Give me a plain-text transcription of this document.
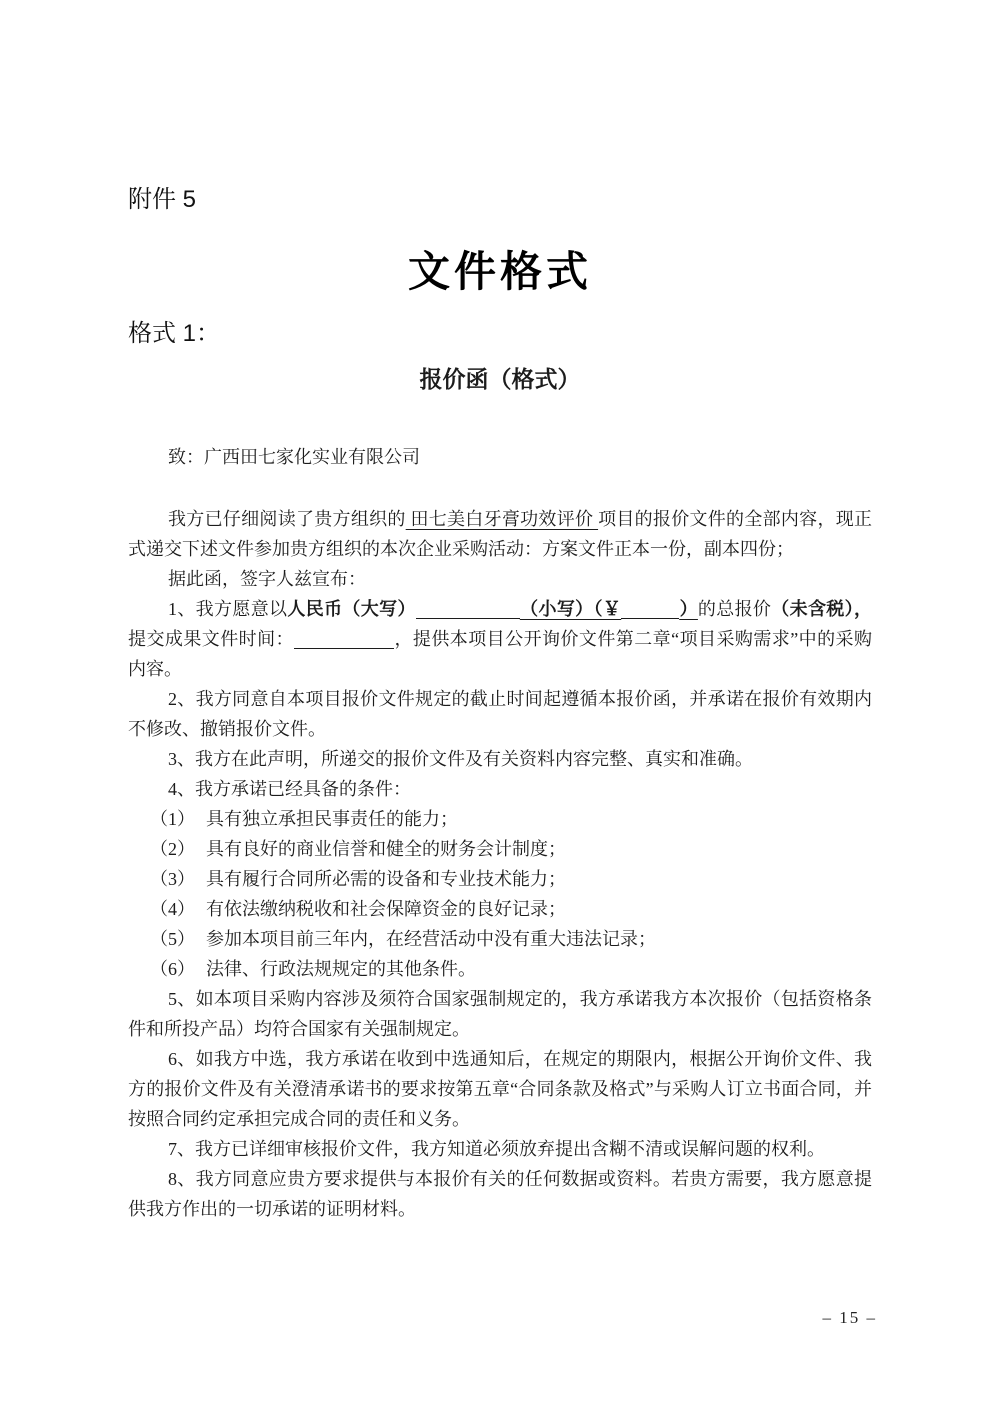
附件 5
文件格式
格式 1：
报价函（格式）
致：广西田七家化实业有限公司

我方已仔细阅读了贵方组织的 田七美白牙膏功效评价 项目的报价文件的全部内容，现正式递交下述文件参加贵方组织的本次企业采购活动：方案文件正本一份，副本四份；

据此函，签字人兹宣布：

1、我方愿意以人民币（大写）	（小写）（￥	）的总报价（未含税），提交成果文件时间：	，提供本项目公开询价文件第二章“项目采购需求”中的采购内容。

2、我方同意自本项目报价文件规定的截止时间起遵循本报价函，并承诺在报价有效期内不修改、撤销报价文件。

3、我方在此声明，所递交的报价文件及有关资料内容完整、真实和准确。

4、我方承诺已经具备的条件：

（1） 具有独立承担民事责任的能力；

（2） 具有良好的商业信誉和健全的财务会计制度；

（3） 具有履行合同所必需的设备和专业技术能力；

（4） 有依法缴纳税收和社会保障资金的良好记录；

（5） 参加本项目前三年内，在经营活动中没有重大违法记录；

（6） 法律、行政法规规定的其他条件。

5、如本项目采购内容涉及须符合国家强制规定的，我方承诺我方本次报价（包括资格条件和所投产品）均符合国家有关强制规定。

6、如我方中选，我方承诺在收到中选通知后，在规定的期限内，根据公开询价文件、我方的报价文件及有关澄清承诺书的要求按第五章“合同条款及格式”与采购人订立书面合同，并按照合同约定承担完成合同的责任和义务。

7、我方已详细审核报价文件，我方知道必须放弃提出含糊不清或误解问题的权利。

8、我方同意应贵方要求提供与本报价有关的任何数据或资料。若贵方需要，我方愿意提供我方作出的一切承诺的证明材料。

– 15 –
